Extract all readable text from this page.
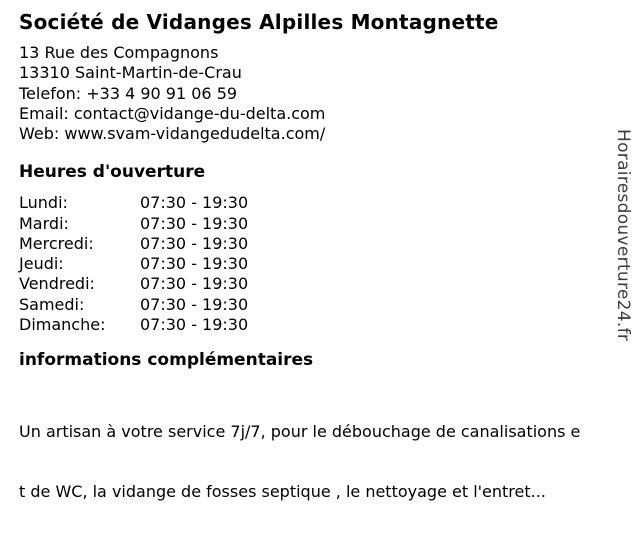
Société de Vidanges Alpilles Montagnette
13 Rue des Compagnons
13310 Saint-Martin-de-Crau
Telefon: +33 4 90 91 06 59
Email: contact@vidange-du-delta.com
Web: www.svam-vidangedudelta.com/
Heures d'ouverture
Lundi:	07:30 - 19:30
Mardi:	07:30 - 19:30
Mercredi:	07:30 - 19:30
Jeudi:	07:30 - 19:30
Vendredi:	07:30 - 19:30
Samedi:	07:30 - 19:30
Dimanche:	07:30 - 19:30
informations complémentaires

Un artisan à votre service 7j/7, pour le débouchage de canalisations e

t de WC, la vidange de fosses septique , le nettoyage et l'entret...

Horairesdouverture24.fr
